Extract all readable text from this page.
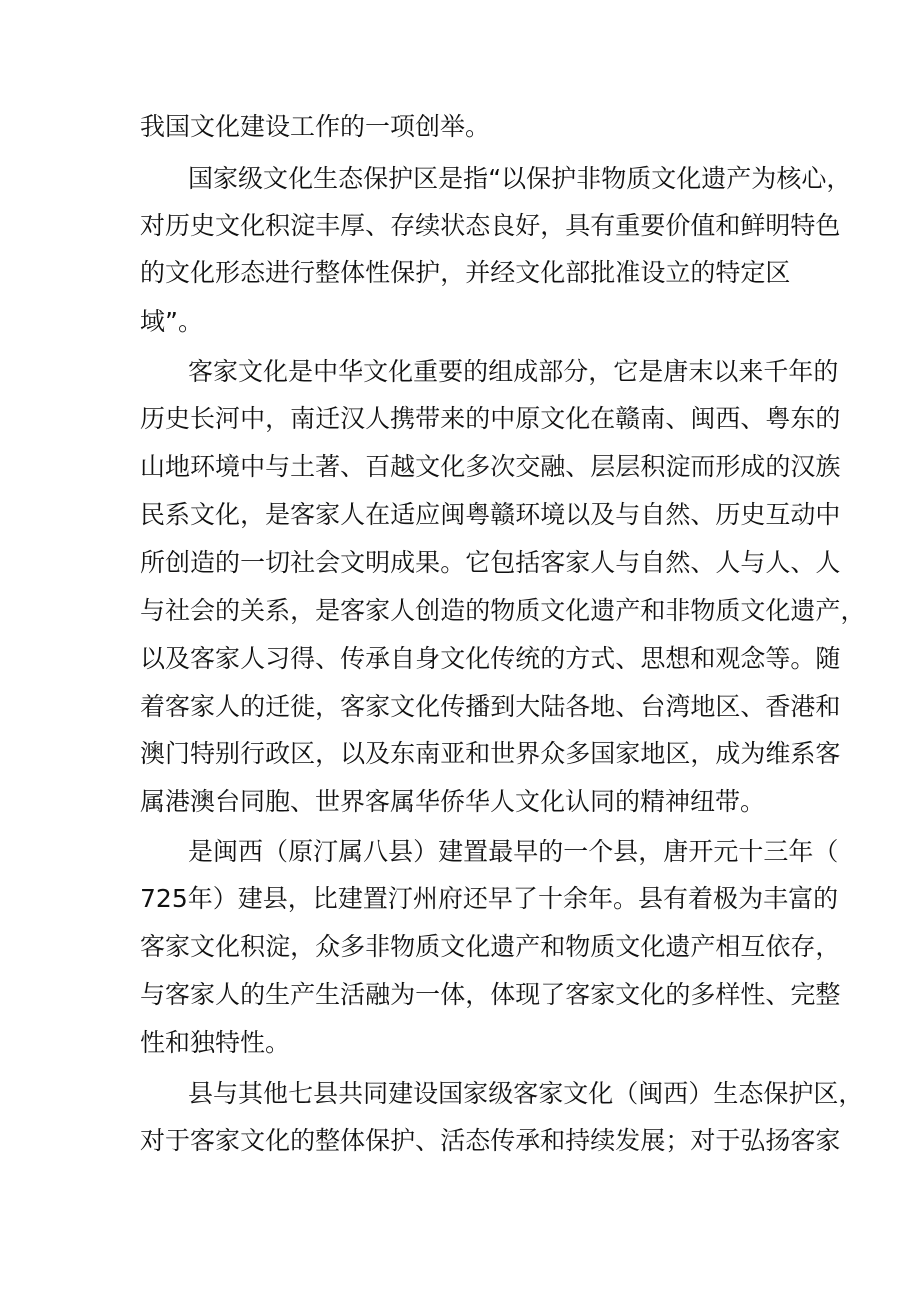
我国文化建设工作的一项创举。
国 家 级 文 化 生 态 保 护 区 是 指 “ 以 保 护 非 物 质 文 化 遗 产 为 核 心 ，
对 历 史 文 化 积 淀 丰 厚 、 存 续 状 态 良 好 ， 具 有 重 要 价 值 和 鲜 明 特 色
的 文 化 形 态 进 行 整 体 性 保 护 ， 并 经 文 化 部 批 准 设 立 的 特 定 区
域”。
客 家 文 化 是 中 华 文 化 重 要 的 组 成 部 分 ， 它 是 唐 末 以 来 千 年 的
历 史 长 河 中 ， 南 迁 汉 人 携 带 来 的 中 原 文 化 在 赣 南 、 闽 西 、 粤 东 的
山 地 环 境 中 与 土 著 、 百 越 文 化 多 次 交 融 、 层 层 积 淀 而 形 成 的 汉 族
民 系 文 化 ， 是 客 家 人 在 适 应 闽 粤 赣 环 境 以 及 与 自 然 、 历 史 互 动 中
所 创 造 的 一 切 社 会 文 明 成 果 。 它 包 括 客 家 人 与 自 然 、 人 与 人 、 人
与 社 会 的 关 系 ， 是 客 家 人 创 造 的 物 质 文 化 遗 产 和 非 物 质 文 化 遗 产 ，
以 及 客 家 人 习 得 、 传 承 自 身 文 化 传 统 的 方 式 、 思 想 和 观 念 等 。 随
着 客 家 人 的 迁 徙 ， 客 家 文 化 传 播 到 大 陆 各 地 、 台 湾 地 区 、 香 港 和
澳 门 特 别 行 政 区 ， 以 及 东 南 亚 和 世 界 众 多 国 家 地 区 ， 成 为 维 系 客
属港澳台同胞、世界客属华侨华人文化认同的精神纽带。
是 闽 西 （ 原 汀 属 八 县 ） 建 置 最 早 的 一 个 县 ， 唐 开 元 十 三 年 （
7 2 5 年 ） 建 县 ， 比 建 置 汀 州 府 还 早 了 十 余 年 。 县 有 着 极 为 丰 富 的
客 家 文 化 积 淀 ， 众 多 非 物 质 文 化 遗 产 和 物 质 文 化 遗 产 相 互 依 存 ，
与 客 家 人 的 生 产 生 活 融 为 一 体 ， 体 现 了 客 家 文 化 的 多 样 性 、 完 整
性和独特性。
县 与 其 他 七 县 共 同 建 设 国 家 级 客 家 文 化 （ 闽 西 ） 生 态 保 护 区 ，
对 于 客 家 文 化 的 整 体 保 护 、 活 态 传 承 和 持 续 发 展 ； 对 于 弘 扬 客 家
